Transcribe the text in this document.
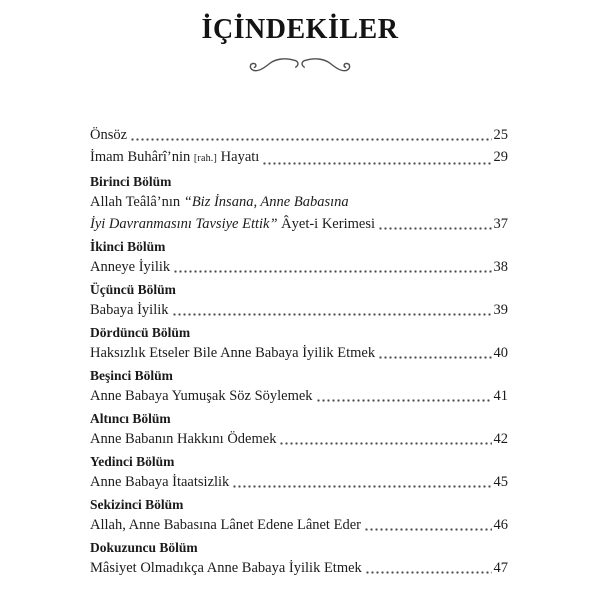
İÇİNDEKİLER
Önsöz	25
İmam Buhârî’nin [rah.] Hayatı	29
Birinci Bölüm
Allah Teâlâ’nın “Biz İnsana, Anne Babasına
İyi Davranmasını Tavsiye Ettik” Âyet-i Kerimesi	37
İkinci Bölüm
Anneye İyilik	38
Üçüncü Bölüm
Babaya İyilik	39
Dördüncü Bölüm
Haksızlık Etseler Bile Anne Babaya İyilik Etmek	40
Beşinci Bölüm
Anne Babaya Yumuşak Söz Söylemek	41
Altıncı Bölüm
Anne Babanın Hakkını Ödemek	42
Yedinci Bölüm
Anne Babaya İtaatsizlik	45
Sekizinci Bölüm
Allah, Anne Babasına Lânet Edene Lânet Eder	46
Dokuzuncu Bölüm
Mâsiyet Olmadıkça Anne Babaya İyilik Etmek	47
